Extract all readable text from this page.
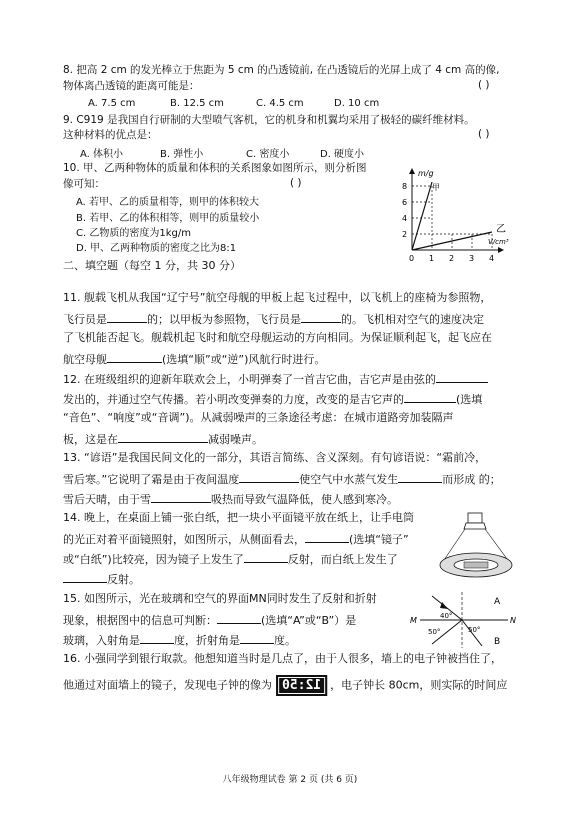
8. 把高 2 cm 的发光棒立于焦距为 5 cm 的凸透镜前, 在凸透镜后的光屏上成了 4 cm 高的像,
物体离凸透镜的距离可能是：	( )
A. 7.5 cm	B. 12.5 cm	C. 4.5 cm	D. 10 cm
9. C919 是我国自行研制的大型喷气客机，它的机身和机翼均采用了极轻的碳纤维材料。
这种材料的优点是：	( )
A. 体积小	B. 弹性小	C. 密度小	D. 硬度小
10. 甲、乙两种物体的质量和体积的关系图象如图所示，则分析图
像可知：	( )
A. 若甲、乙的质量相等，则甲的体积较大
B. 若甲、乙的体积相等，则甲的质量较小
C. 乙物质的密度为1kg/m
D. 甲、乙两种物质的密度之比为8:1
m/g
V/cm³
8
6
4
2
0 1 2 3 4
甲
乙
二、填空题（每空 1 分，共 30 分）
11. 舰载飞机从我国“辽宁号”航空母舰的甲板上起飞过程中，以飞机上的座椅为参照物，
飞行员是	的；以甲板为参照物，飞行员是	的。飞机相对空气的速度决定
了飞机能否起飞。舰载机起飞时和航空母舰运动的方向相同。为保证顺利起飞，起飞应在
航空母舰	(选填“顺”或“逆”)风航行时进行。
12. 在班级组织的迎新年联欢会上，小明弹奏了一首吉它曲，吉它声是由弦的
发出的，并通过空气传播。若小明改变弹奏的力度，改变的是吉它声的	(选填
“音色”、“响度”或“音调”)。从减弱噪声的三条途径考虑：在城市道路旁加装隔声
板，这是在	减弱噪声。
13. “谚语”是我国民间文化的一部分，其语言简练、含义深刻。有句谚语说：“霜前冷，
雪后寒。”它说明了霜是由于夜间温度	使空气中水蒸气发生	而形成 的；
雪后天晴，由于雪	吸热而导致气温降低，使人感到寒冷。
14. 晚上，在桌面上铺一张白纸，把一块小平面镜平放在纸上，让手电筒
的光正对着平面镜照射，如图所示，从侧面看去，	(选填“镜子”
或“白纸”)比较亮，因为镜子上发生了	反射，而白纸上发生了
反射。
15. 如图所示，光在玻璃和空气的界面MN同时发生了反射和折射
现象，根据图中的信息可判断：	(选填“A”或“B”）是
玻璃，入射角是	度，折射角是	度。
M	N
A
B
40°
50°	50°
16. 小强同学到银行取款。他想知道当时是几点了，由于人很多，墙上的电子钟被挡住了，
他通过对面墙上的镜子，发现电子钟的像为 12:50 ，电子钟长 80cm，则实际的时间应
八年级物理试卷 第 2 页 (共 6 页)
